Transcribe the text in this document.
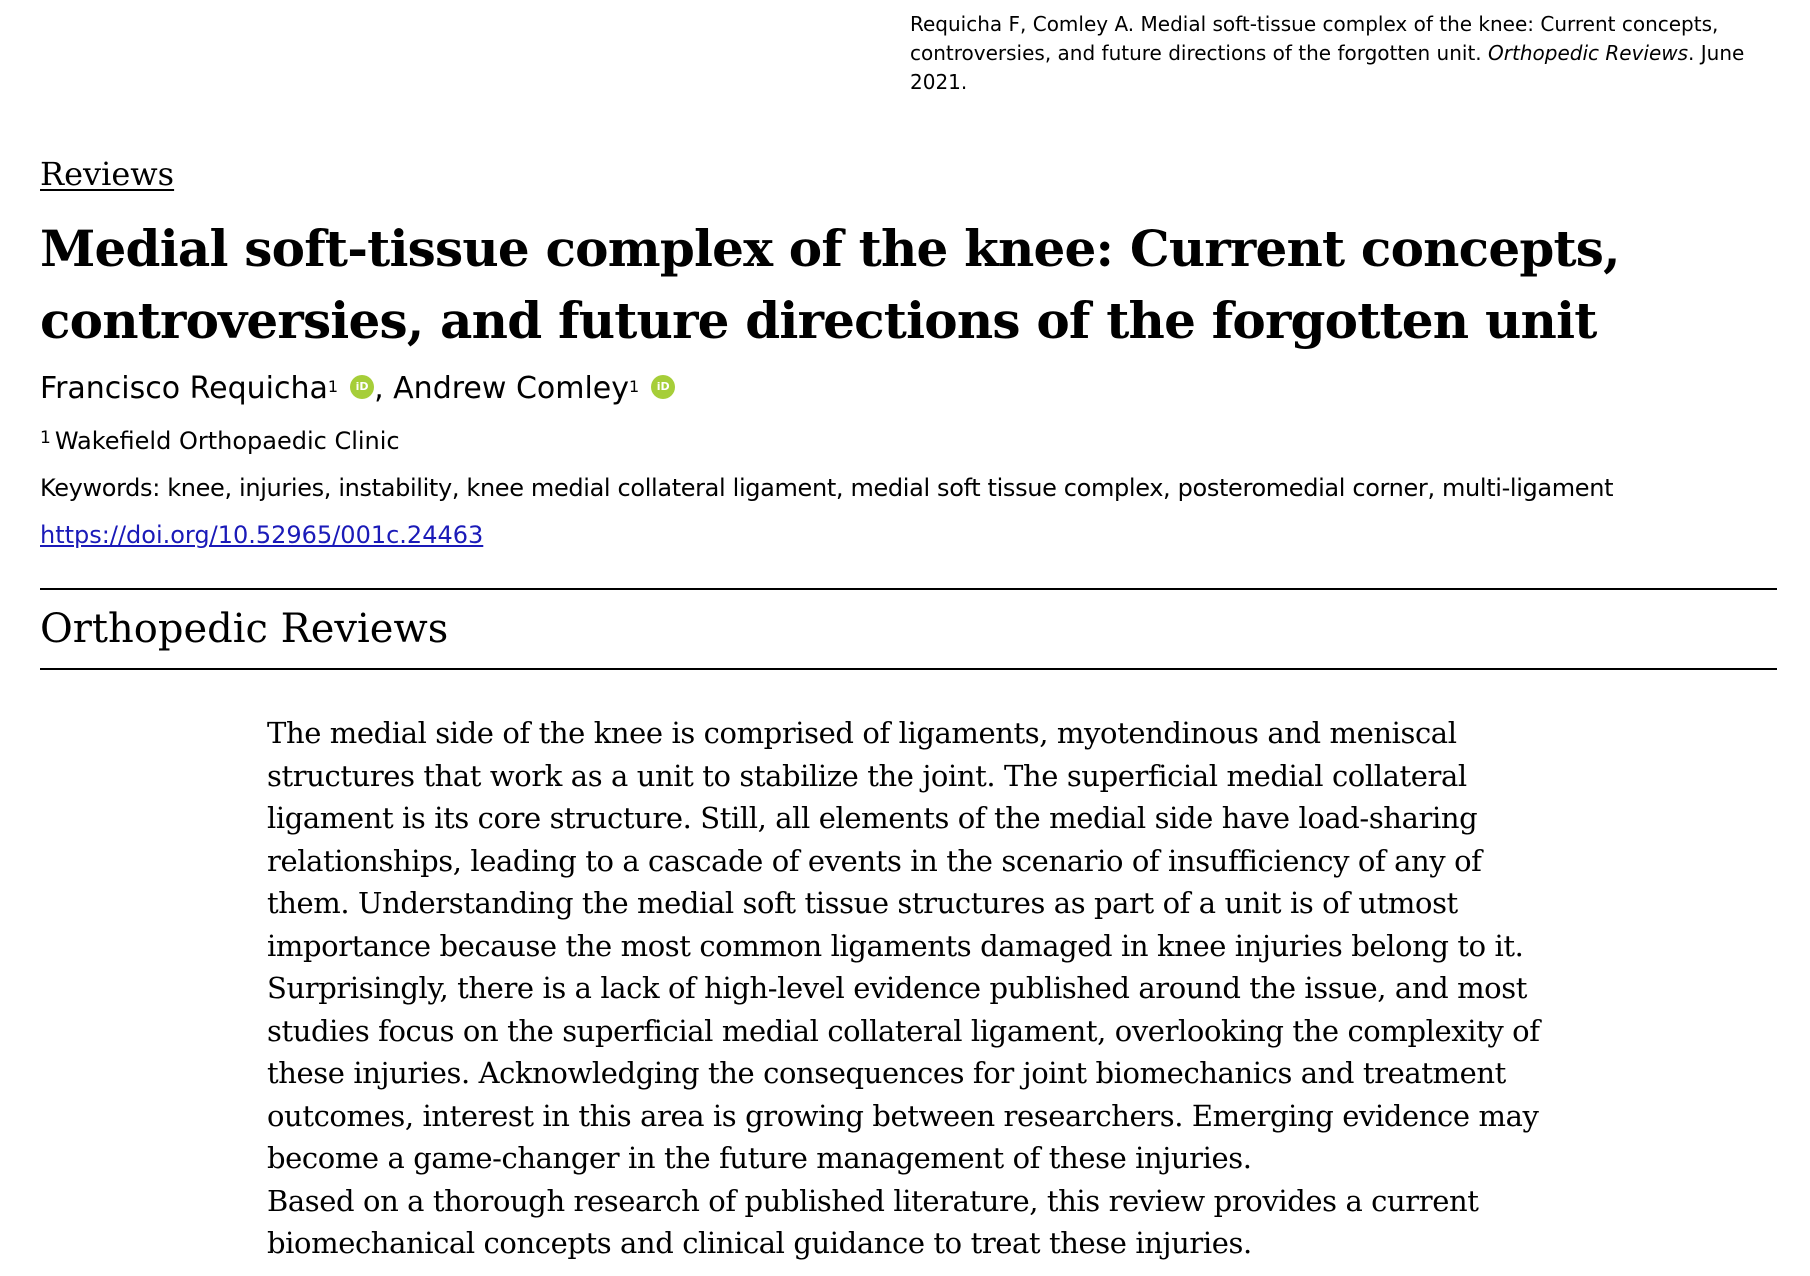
Requicha F, Comley A. Medial soft-tissue complex of the knee: Current concepts, controversies, and future directions of the forgotten unit. Orthopedic Reviews. June 2021.
Reviews
Medial soft-tissue complex of the knee: Current concepts, controversies, and future directions of the forgotten unit
Francisco Requicha$^1$ iD , Andrew Comley$^1$ iD
$^1$ Wakefield Orthopaedic Clinic
Keywords: knee, injuries, instability, knee medial collateral ligament, medial soft tissue complex, posteromedial corner, multi-ligament
https://doi.org/10.52965/001c.24463
Orthopedic Reviews

The medial side of the knee is comprised of ligaments, myotendinous and meniscal structures that work as a unit to stabilize the joint. The superficial medial collateral ligament is its core structure. Still, all elements of the medial side have load-sharing relationships, leading to a cascade of events in the scenario of insufficiency of any of them. Understanding the medial soft tissue structures as part of a unit is of utmost importance because the most common ligaments damaged in knee injuries belong to it. Surprisingly, there is a lack of high-level evidence published around the issue, and most studies focus on the superficial medial collateral ligament, overlooking the complexity of these injuries. Acknowledging the consequences for joint biomechanics and treatment outcomes, interest in this area is growing between researchers. Emerging evidence may become a game-changer in the future management of these injuries.

Based on a thorough research of published literature, this review provides a current biomechanical concepts and clinical guidance to treat these injuries.
